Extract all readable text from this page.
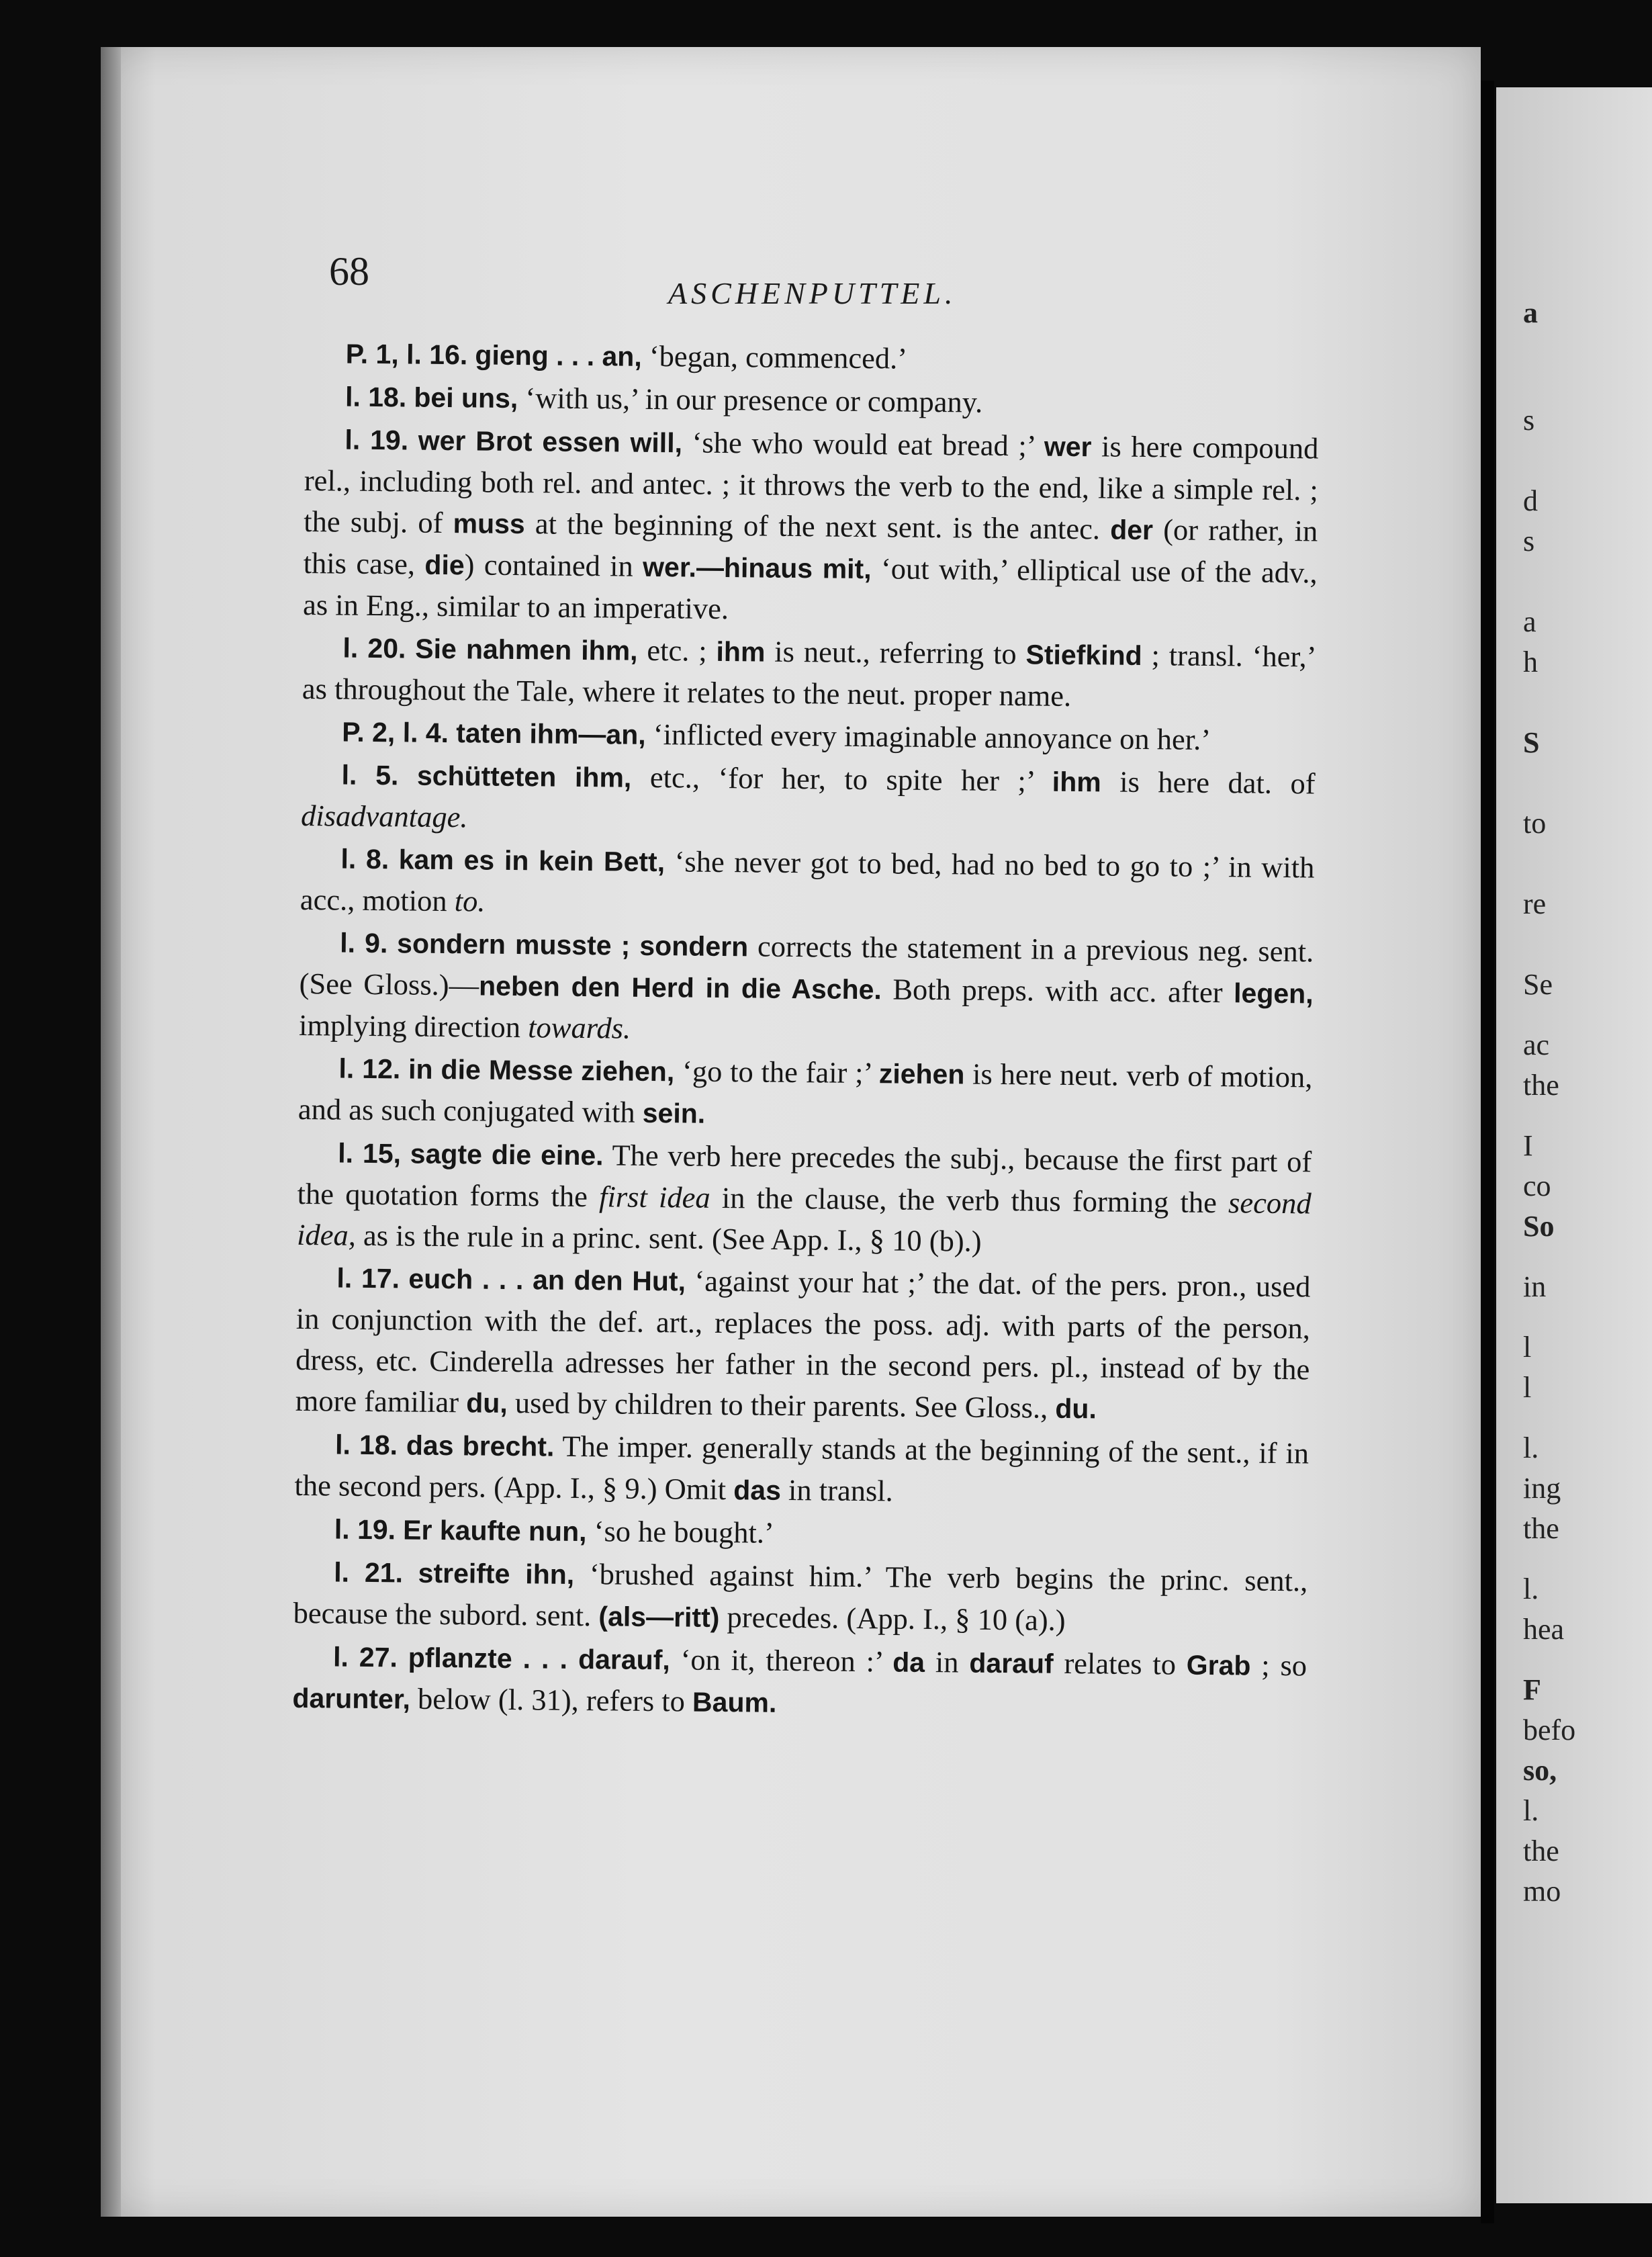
a
s
d
s
a
h
S
to
re
Se
ac
the
I
co
So
in
l
l
l.
ing
the
l.
hea
F
befo
so,
l.
the
mo
68	ASCHENPUTTEL.

P. 1, l. 16. gieng . . . an, ‘began, commenced.’

l. 18. bei uns, ‘with us,’ in our presence or company.

l. 19. wer Brot essen will, ‘she who would eat bread ;’ wer is here compound rel., including both rel. and antec. ; it throws the verb to the end, like a simple rel. ; the subj. of muss at the beginning of the next sent. is the antec. der (or rather, in this case, die) contained in wer.—hinaus mit, ‘out with,’ elliptical use of the adv., as in Eng., similar to an imperative.

l. 20. Sie nahmen ihm, etc. ; ihm is neut., referring to Stiefkind ; transl. ‘her,’ as throughout the Tale, where it relates to the neut. proper name.

P. 2, l. 4. taten ihm—an, ‘inflicted every imaginable annoyance on her.’

l. 5. schütteten ihm, etc., ‘for her, to spite her ;’ ihm is here dat. of disadvantage.

l. 8. kam es in kein Bett, ‘she never got to bed, had no bed to go to ;’ in with acc., motion to.

l. 9. sondern musste ; sondern corrects the statement in a previous neg. sent. (See Gloss.)—neben den Herd in die Asche. Both preps. with acc. after legen, implying direction towards.

l. 12. in die Messe ziehen, ‘go to the fair ;’ ziehen is here neut. verb of motion, and as such conjugated with sein.

l. 15, sagte die eine. The verb here precedes the subj., because the first part of the quotation forms the first idea in the clause, the verb thus forming the second idea, as is the rule in a princ. sent. (See App. I., § 10 (b).)

l. 17. euch . . . an den Hut, ‘against your hat ;’ the dat. of the pers. pron., used in conjunction with the def. art., replaces the poss. adj. with parts of the person, dress, etc. Cinderella adresses her father in the second pers. pl., instead of by the more familiar du, used by children to their parents. See Gloss., du.

l. 18. das brecht. The imper. generally stands at the beginning of the sent., if in the second pers. (App. I., § 9.) Omit das in transl.

l. 19. Er kaufte nun, ‘so he bought.’

l. 21. streifte ihn, ‘brushed against him.’ The verb begins the princ. sent., because the subord. sent. (als—ritt) precedes. (App. I., § 10 (a).)

l. 27. pflanzte . . . darauf, ‘on it, thereon :’ da in darauf relates to Grab ; so darunter, below (l. 31), refers to Baum.
